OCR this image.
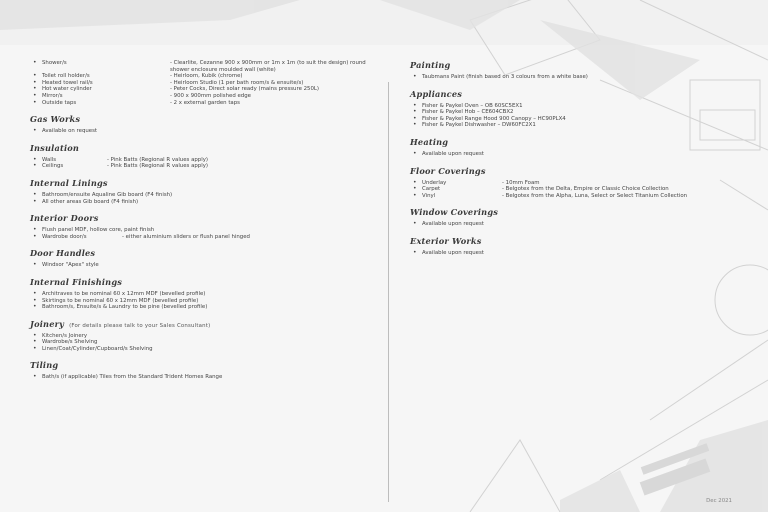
• Shower/s	- Clearlite, Cezanne 900 x 900mm or 1m x 1m (to suit the design) round shower enclosure moulded wall (white)
• Toilet roll holder/s	- Heirloom, Kubik (chrome)
• Heated towel rail/s	- Heirloom Studio (1 per bath room/s & ensuite/s)
• Hot water cylinder	- Peter Cocks, Direct solar ready (mains pressure 250L)
• Mirror/s	- 900 x 900mm polished edge
• Outside taps	- 2 x external garden taps
Gas Works
• Available on request
Insulation
• Walls	- Pink Batts (Regional R values apply)
• Ceilings	- Pink Batts (Regional R values apply)
Internal Linings
• Bathroom/ensuite Aqualine Gib board (F4 finish)
• All other areas Gib board (F4 finish)
Interior Doors
• Flush panel MDF, hollow core, paint finish
• Wardrobe door/s	- either aluminium sliders or flush panel hinged
Door Handles
• Windsor "Apex" style
Internal Finishings
• Architraves to be nominal 60 x 12mm MDF (bevelled profile)
• Skirtings to be nominal 60 x 12mm MDF (bevelled profile)
• Bathroom/s, Ensuite/s & Laundry to be pine (bevelled profile)
Joinery (For details please talk to your Sales Consultant)
• Kitchen/s Joinery
• Wardrobe/s Shelving
• Linen/Coat/Cylinder/Cupboard/s Shelving
Tiling
• Bath/s (if applicable) Tiles from the Standard Trident Homes Range
Painting
• Taubmans Paint (finish based on 3 colours from a white base)
Appliances
• Fisher & Paykel Oven – OB 60SC5EX1
• Fisher & Paykel Hob – CE604CBX2
• Fisher & Paykel Range Hood 900 Canopy – HC90PLX4
• Fisher & Paykel Dishwasher – DW60FC2X1
Heating
• Available upon request
Floor Coverings
• Underlay	- 10mm Foam
• Carpet	- Belgotex from the Delta, Empire or Classic Choice Collection
• Vinyl	- Belgotex from the Alpha, Luna, Select or Select Titanium Collection
Window Coverings
• Available upon request
Exterior Works
• Available upon request
Dec 2021
